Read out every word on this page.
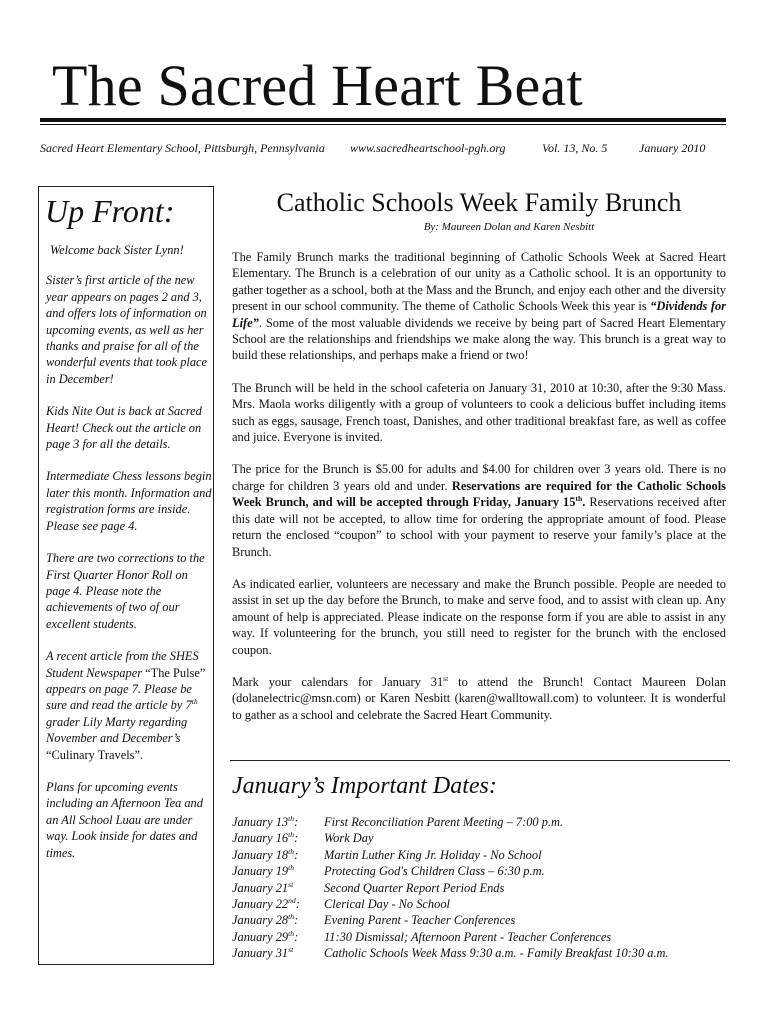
The Sacred Heart Beat
Sacred Heart Elementary School, Pittsburgh, Pennsylvania	www.sacredheartschool-pgh.org	Vol. 13, No. 5	January 2010
Up Front:

Welcome back Sister Lynn!

Sister’s first article of the new year appears on pages 2 and 3, and offers lots of information on upcoming events, as well as her thanks and praise for all of the wonderful events that took place in December!

Kids Nite Out is back at Sacred Heart! Check out the article on page 3 for all the details.

Intermediate Chess lessons begin later this month. Information and registration forms are inside. Please see page 4.

There are two corrections to the First Quarter Honor Roll on page 4. Please note the achievements of two of our excellent students.

A recent article from the SHES Student Newspaper “The Pulse” appears on page 7. Please be sure and read the article by 7th grader Lily Marty regarding November and December’s “Culinary Travels”.

Plans for upcoming events including an Afternoon Tea and an All School Luau are under way. Look inside for dates and times.

Catholic Schools Week Family Brunch
By: Maureen Dolan and Karen Nesbitt

The Family Brunch marks the traditional beginning of Catholic Schools Week at Sacred Heart Elementary. The Brunch is a celebration of our unity as a Catholic school. It is an opportunity to gather together as a school, both at the Mass and the Brunch, and enjoy each other and the diversity present in our school community. The theme of Catholic Schools Week this year is “Dividends for Life”. Some of the most valuable dividends we receive by being part of Sacred Heart Elementary School are the relationships and friendships we make along the way. This brunch is a great way to build these relationships, and perhaps make a friend or two!

The Brunch will be held in the school cafeteria on January 31, 2010 at 10:30, after the 9:30 Mass. Mrs. Maola works diligently with a group of volunteers to cook a delicious buffet including items such as eggs, sausage, French toast, Danishes, and other traditional breakfast fare, as well as coffee and juice. Everyone is invited.

The price for the Brunch is $5.00 for adults and $4.00 for children over 3 years old. There is no charge for children 3 years old and under. Reservations are required for the Catholic Schools Week Brunch, and will be accepted through Friday, January 15th. Reservations received after this date will not be accepted, to allow time for ordering the appropriate amount of food. Please return the enclosed “coupon” to school with your payment to reserve your family’s place at the Brunch.

As indicated earlier, volunteers are necessary and make the Brunch possible. People are needed to assist in set up the day before the Brunch, to make and serve food, and to assist with clean up. Any amount of help is appreciated. Please indicate on the response form if you are able to assist in any way. If volunteering for the brunch, you still need to register for the brunch with the enclosed coupon.

Mark your calendars for January 31st to attend the Brunch! Contact Maureen Dolan (dolanelectric@msn.com) or Karen Nesbitt (karen@walltowall.com) to volunteer. It is wonderful to gather as a school and celebrate the Sacred Heart Community.

January’s Important Dates:
January 13th:	First Reconciliation Parent Meeting – 7:00 p.m.
January 16th:	Work Day
January 18th:	Martin Luther King Jr. Holiday - No School
January 19th	Protecting God's Children Class – 6:30 p.m.
January 21st	Second Quarter Report Period Ends
January 22nd:	Clerical Day - No School
January 28th:	Evening Parent - Teacher Conferences
January 29th:	11:30 Dismissal; Afternoon Parent - Teacher Conferences
January 31st	Catholic Schools Week Mass 9:30 a.m. - Family Breakfast 10:30 a.m.
